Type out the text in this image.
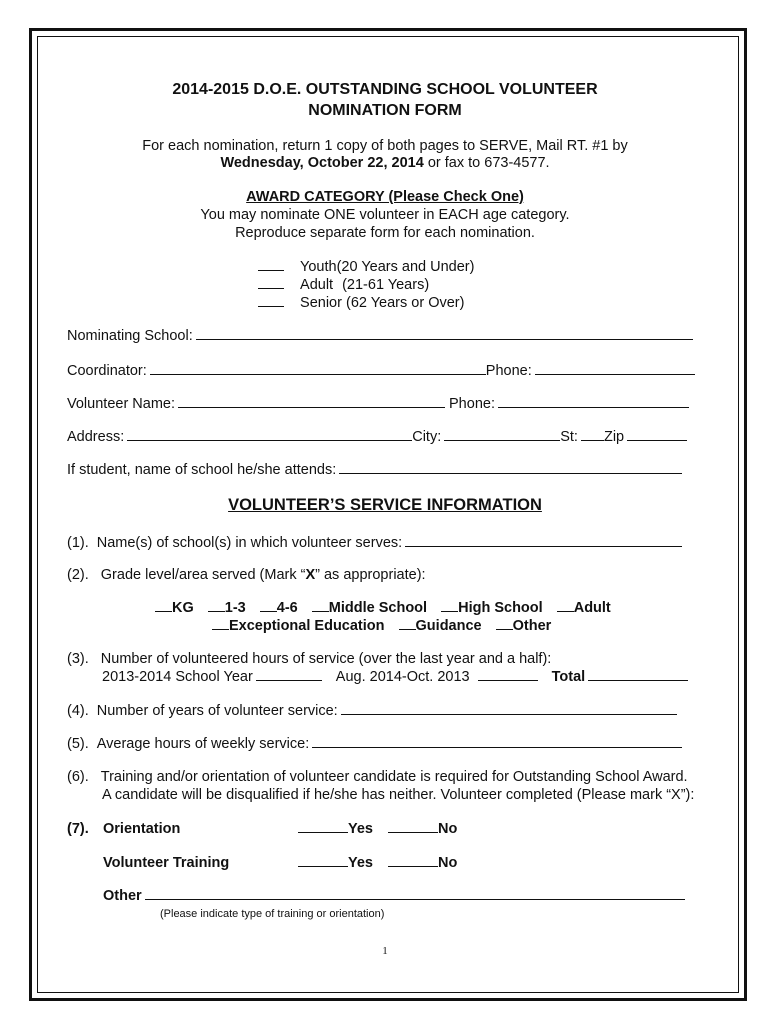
2014-2015 D.O.E. OUTSTANDING SCHOOL VOLUNTEER
NOMINATION FORM
For each nomination, return 1 copy of both pages to SERVE, Mail RT. #1 by
Wednesday, October 22, 2014 or fax to 673-4577.
AWARD CATEGORY (Please Check One)
You may nominate ONE volunteer in EACH age category.
Reproduce separate form for each nomination.
Youth(20 Years and Under)
Adult (21-61 Years)
Senior (62 Years or Over)
Nominating School:
Coordinator:	Phone:
Volunteer Name:	Phone:
Address:	City:	St: Zip
If student, name of school he/she attends:
VOLUNTEER’S SERVICE INFORMATION
(1). Name(s) of school(s) in which volunteer serves:
(2). Grade level/area served (Mark “X” as appropriate):
KG 1-3 4-6 Middle School High School Adult
Exceptional Education Guidance Other
(3). Number of volunteered hours of service (over the last year and a half):
2013-2014 School Year	Aug. 2014-Oct. 2013	Total
(4). Number of years of volunteer service:
(5). Average hours of weekly service:
(6). Training and/or orientation of volunteer candidate is required for Outstanding School Award.
A candidate will be disqualified if he/she has neither. Volunteer completed (Please mark “X”):
(7). Orientation	Yes	No
Volunteer Training	Yes	No
Other
(Please indicate type of training or orientation)
1
